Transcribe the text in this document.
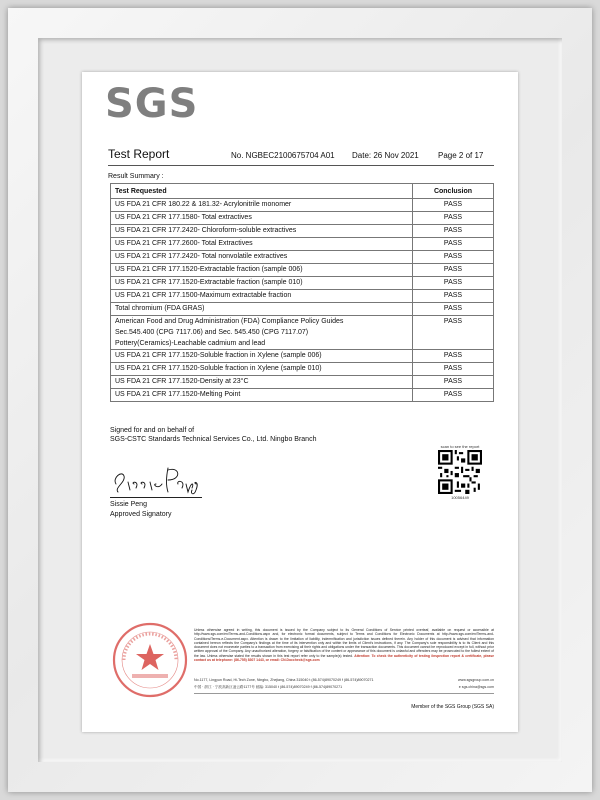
SGS
Test Report	No. NGBEC2100675704 A01 Date: 26 Nov 2021 Page 2 of 17
Result Summary :
Test Requested	Conclusion
US FDA 21 CFR 180.22 & 181.32- Acrylonitrile monomer	PASS
US FDA 21 CFR 177.1580- Total extractives	PASS
US FDA 21 CFR 177.2420- Chloroform-soluble extractives	PASS
US FDA 21 CFR 177.2600- Total Extractives	PASS
US FDA 21 CFR 177.2420- Total nonvolatile extractives	PASS
US FDA 21 CFR 177.1520-Extractable fraction (sample 006)	PASS
US FDA 21 CFR 177.1520-Extractable fraction (sample 010)	PASS
US FDA 21 CFR 177.1500-Maximum extractable fraction	PASS
Total chromium (FDA GRAS)	PASS

American Food and Drug Administration (FDA) Compliance Policy Guides
Sec.545.400 (CPG 7117.06) and Sec. 545.450 (CPG 7117.07)
Pottery(Ceramics)-Leachable cadmium and lead	PASS
US FDA 21 CFR 177.1520-Soluble fraction in Xylene (sample 006)	PASS
US FDA 21 CFR 177.1520-Soluble fraction in Xylene (sample 010)	PASS
US FDA 21 CFR 177.1520-Density at 23°C	PASS
US FDA 21 CFR 177.1520-Melting Point	PASS
Signed for and on behalf of
SGS-CSTC Standards Technical Services Co., Ltd. Ningbo Branch
Sissie Peng
Approved Signatory
scan to see the report
10056449
Unless otherwise agreed in writing, this document is issued by the Company subject to its General Conditions of Service printed overleaf, available on request or accessible at http://www.sgs.com/en/Terms-and-Conditions.aspx and, for electronic format documents, subject to Terms and Conditions for Electronic Documents at http://www.sgs.com/en/Terms-and-Conditions/Terms-e-Document.aspx. Attention is drawn to the limitation of liability, indemnification and jurisdiction issues defined therein. Any holder of this document is advised that information contained hereon reflects the Company's findings at the time of its intervention only and within the limits of Client's instructions, if any. The Company's sole responsibility is to its Client and this document does not exonerate parties to a transaction from exercising all their rights and obligations under the transaction documents. This document cannot be reproduced except in full, without prior written approval of the Company. Any unauthorized alteration, forgery or falsification of the content or appearance of this document is unlawful and offenders may be prosecuted to the fullest extent of the law. Unless otherwise stated the results shown in this test report refer only to the sample(s) tested. Attention: To check the authenticity of testing /inspection report & certificate, please contact us at telephone: (86-755) 8307 1443, or email: CN.Doccheck@sgs.com
No.1177, Lingyun Road, Hi-Tech Zone, Ningbo, Zhejiang, China 315040 t (86-574)89070249 f (86-574)89070271	www.sgsgroup.com.cn
中国 · 浙江 · 宁波高新区凌云路1177号 邮编: 315040 t (86-574)89070249 f (86-574)89070271	e sgs.china@sgs.com
Member of the SGS Group (SGS SA)
